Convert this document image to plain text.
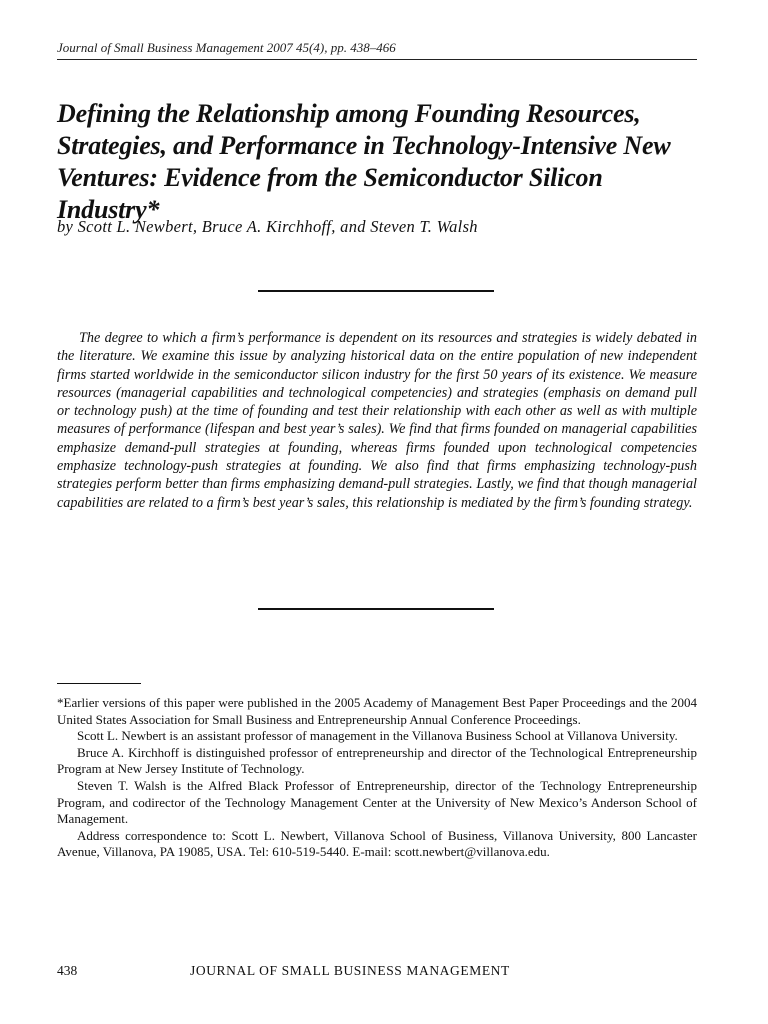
Journal of Small Business Management 2007 45(4), pp. 438–466
Defining the Relationship among Founding Resources, Strategies, and Performance in Technology-Intensive New Ventures: Evidence from the Semiconductor Silicon Industry*
by Scott L. Newbert, Bruce A. Kirchhoff, and Steven T. Walsh

The degree to which a firm’s performance is dependent on its resources and strategies is widely debated in the literature. We examine this issue by analyzing historical data on the entire population of new independent firms started worldwide in the semiconductor silicon industry for the first 50 years of its existence. We measure resources (managerial capabilities and technological competencies) and strategies (emphasis on demand pull or technology push) at the time of founding and test their relationship with each other as well as with multiple measures of performance (lifespan and best year’s sales). We find that firms founded on managerial capabilities emphasize demand-pull strategies at founding, whereas firms founded upon technological competencies emphasize technology-push strategies at founding. We also find that firms emphasizing technology-push strategies perform better than firms emphasizing demand-pull strategies. Lastly, we find that though managerial capabilities are related to a firm’s best year’s sales, this relationship is mediated by the firm’s founding strategy.

*Earlier versions of this paper were published in the 2005 Academy of Management Best Paper Proceedings and the 2004 United States Association for Small Business and Entrepreneurship Annual Conference Proceedings.

Scott L. Newbert is an assistant professor of management in the Villanova Business School at Villanova University.

Bruce A. Kirchhoff is distinguished professor of entrepreneurship and director of the Technological Entrepreneurship Program at New Jersey Institute of Technology.

Steven T. Walsh is the Alfred Black Professor of Entrepreneurship, director of the Technology Entrepreneurship Program, and codirector of the Technology Management Center at the University of New Mexico’s Anderson School of Management.

Address correspondence to: Scott L. Newbert, Villanova School of Business, Villanova University, 800 Lancaster Avenue, Villanova, PA 19085, USA. Tel: 610-519-5440. E-mail: scott.newbert@villanova.edu.

438	JOURNAL OF SMALL BUSINESS MANAGEMENT
